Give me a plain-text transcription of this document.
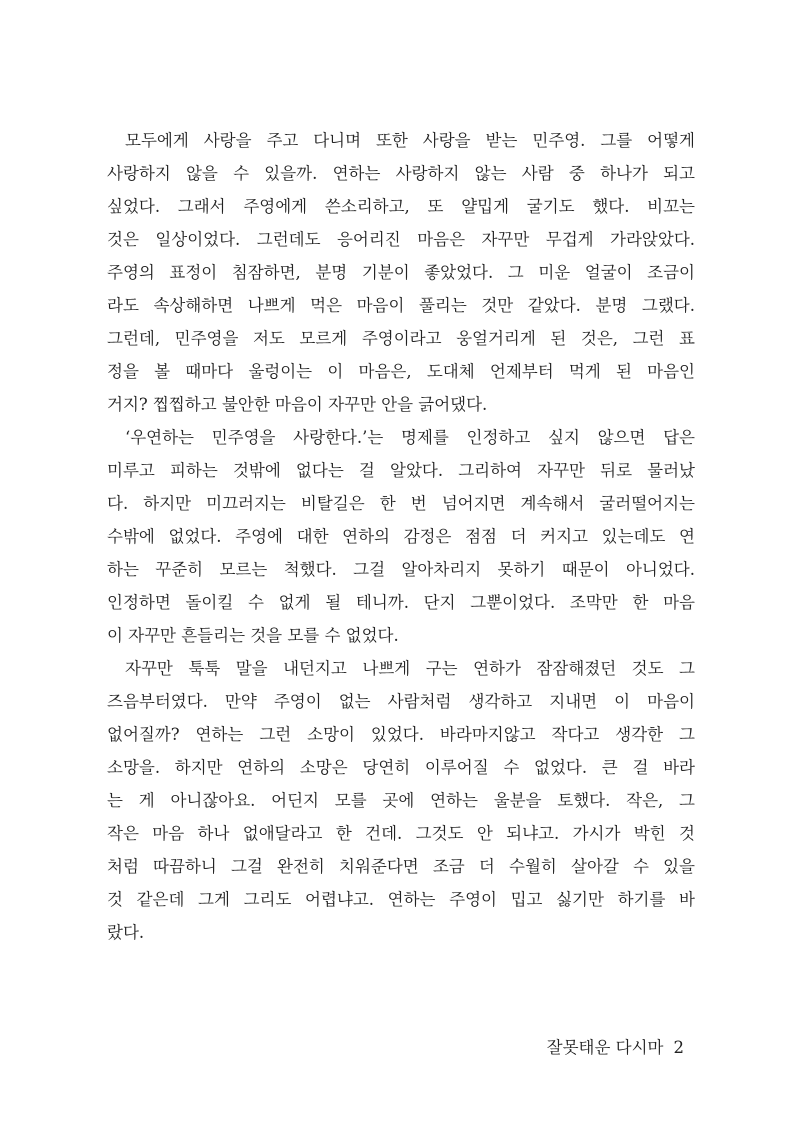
모두에게 사랑을 주고 다니며 또한 사랑을 받는 민주영. 그를 어떻게
사랑하지 않을 수 있을까. 연하는 사랑하지 않는 사람 중 하나가 되고
싶었다. 그래서 주영에게 쓴소리하고, 또 얄밉게 굴기도 했다. 비꼬는
것은 일상이었다. 그런데도 응어리진 마음은 자꾸만 무겁게 가라앉았다.
주영의 표정이 침잠하면, 분명 기분이 좋았었다. 그 미운 얼굴이 조금이
라도 속상해하면 나쁘게 먹은 마음이 풀리는 것만 같았다. 분명 그랬다.
그런데, 민주영을 저도 모르게 주영이라고 웅얼거리게 된 것은, 그런 표
정을 볼 때마다 울렁이는 이 마음은, 도대체 언제부터 먹게 된 마음인
거지? 찝찝하고 불안한 마음이 자꾸만 안을 긁어댔다.
‘우연하는 민주영을 사랑한다.’는 명제를 인정하고 싶지 않으면 답은
미루고 피하는 것밖에 없다는 걸 알았다. 그리하여 자꾸만 뒤로 물러났
다. 하지만 미끄러지는 비탈길은 한 번 넘어지면 계속해서 굴러떨어지는
수밖에 없었다. 주영에 대한 연하의 감정은 점점 더 커지고 있는데도 연
하는 꾸준히 모르는 척했다. 그걸 알아차리지 못하기 때문이 아니었다.
인정하면 돌이킬 수 없게 될 테니까. 단지 그뿐이었다. 조막만 한 마음
이 자꾸만 흔들리는 것을 모를 수 없었다.
자꾸만 툭툭 말을 내던지고 나쁘게 구는 연하가 잠잠해졌던 것도 그
즈음부터였다. 만약 주영이 없는 사람처럼 생각하고 지내면 이 마음이
없어질까? 연하는 그런 소망이 있었다. 바라마지않고 작다고 생각한 그
소망을. 하지만 연하의 소망은 당연히 이루어질 수 없었다. 큰 걸 바라
는 게 아니잖아요. 어딘지 모를 곳에 연하는 울분을 토했다. 작은, 그
작은 마음 하나 없애달라고 한 건데. 그것도 안 되냐고. 가시가 박힌 것
처럼 따끔하니 그걸 완전히 치워준다면 조금 더 수월히 살아갈 수 있을
것 같은데 그게 그리도 어렵냐고. 연하는 주영이 밉고 싫기만 하기를 바
랐다.
잘못태운 다시마 2
